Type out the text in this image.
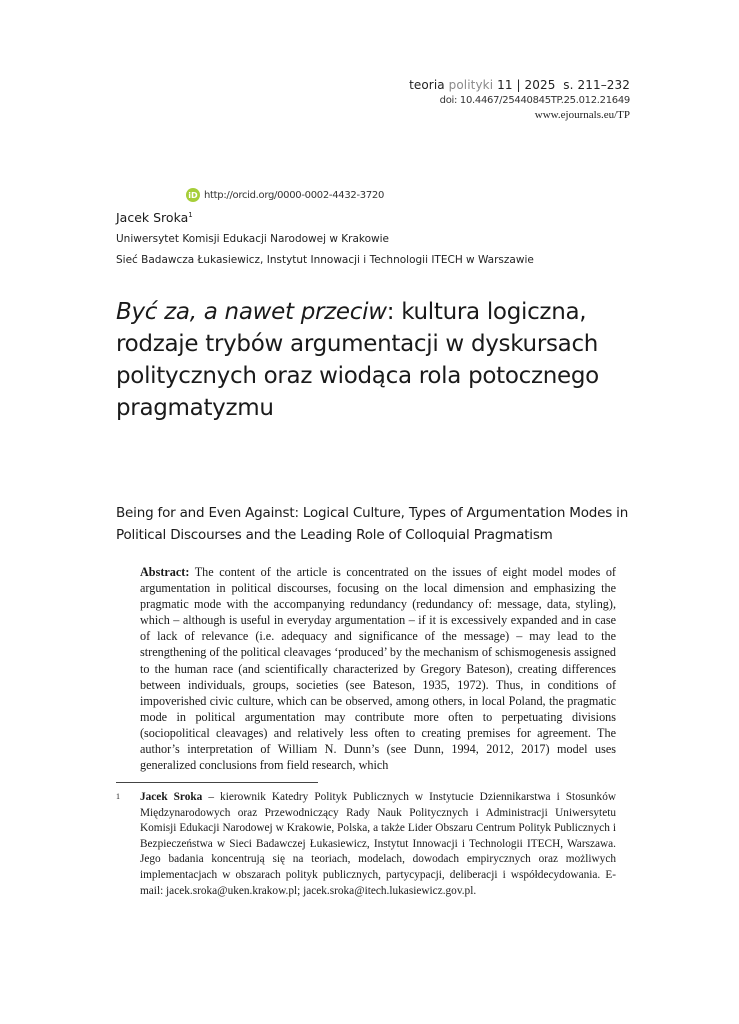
teoria polityki 11 | 2025  s. 211–232
doi: 10.4467/25440845TP.25.012.21649
www.ejournals.eu/TP
iD http://orcid.org/0000-0002-4432-3720
Jacek Sroka$^1$
Uniwersytet Komisji Edukacji Narodowej w Krakowie
Sieć Badawcza Łukasiewicz, Instytut Innowacji i Technologii ITECH w Warszawie
Być za, a nawet przeciw: kultura logiczna, rodzaje trybów argumentacji w dyskursach politycznych oraz wiodąca rola potocznego pragmatyzmu
Being for and Even Against: Logical Culture, Types of Argumentation Modes in Political Discourses and the Leading Role of Colloquial Pragmatism
Abstract: The content of the article is concentrated on the issues of eight model modes of argumentation in political discourses, focusing on the local dimension and emphasizing the pragmatic mode with the accompanying redundancy (redundancy of: message, data, styling), which – although is useful in everyday argumentation – if it is excessively expanded and in case of lack of relevance (i.e. adequacy and significance of the message) – may lead to the strengthening of the political cleavages ‘produced’ by the mechanism of schismogenesis assigned to the human race (and scientifically characterized by Gregory Bateson), creating differences between individuals, groups, societies (see Bateson, 1935, 1972). Thus, in conditions of impoverished civic culture, which can be observed, among others, in local Poland, the pragmatic mode in political argumentation may contribute more often to perpetuating divisions (sociopolitical cleavages) and relatively less often to creating premises for agreement. The author’s interpretation of William N. Dunn’s (see Dunn, 1994, 2012, 2017) model uses generalized conclusions from field research, which
1 Jacek Sroka – kierownik Katedry Polityk Publicznych w Instytucie Dziennikarstwa i Stosunków Międzynarodowych oraz Przewodniczący Rady Nauk Politycznych i Administracji Uniwersytetu Komisji Edukacji Narodowej w Krakowie, Polska, a także Lider Obszaru Centrum Polityk Publicznych i Bezpieczeństwa w Sieci Badawczej Łukasiewicz, Instytut Innowacji i Technologii ITECH, Warszawa. Jego badania koncentrują się na teoriach, modelach, dowodach empirycznych oraz możliwych implementacjach w obszarach polityk publicznych, partycypacji, deliberacji i współdecydowania. E-mail: jacek.sroka@uken.krakow.pl; jacek.sroka@itech.lukasiewicz.gov.pl.
